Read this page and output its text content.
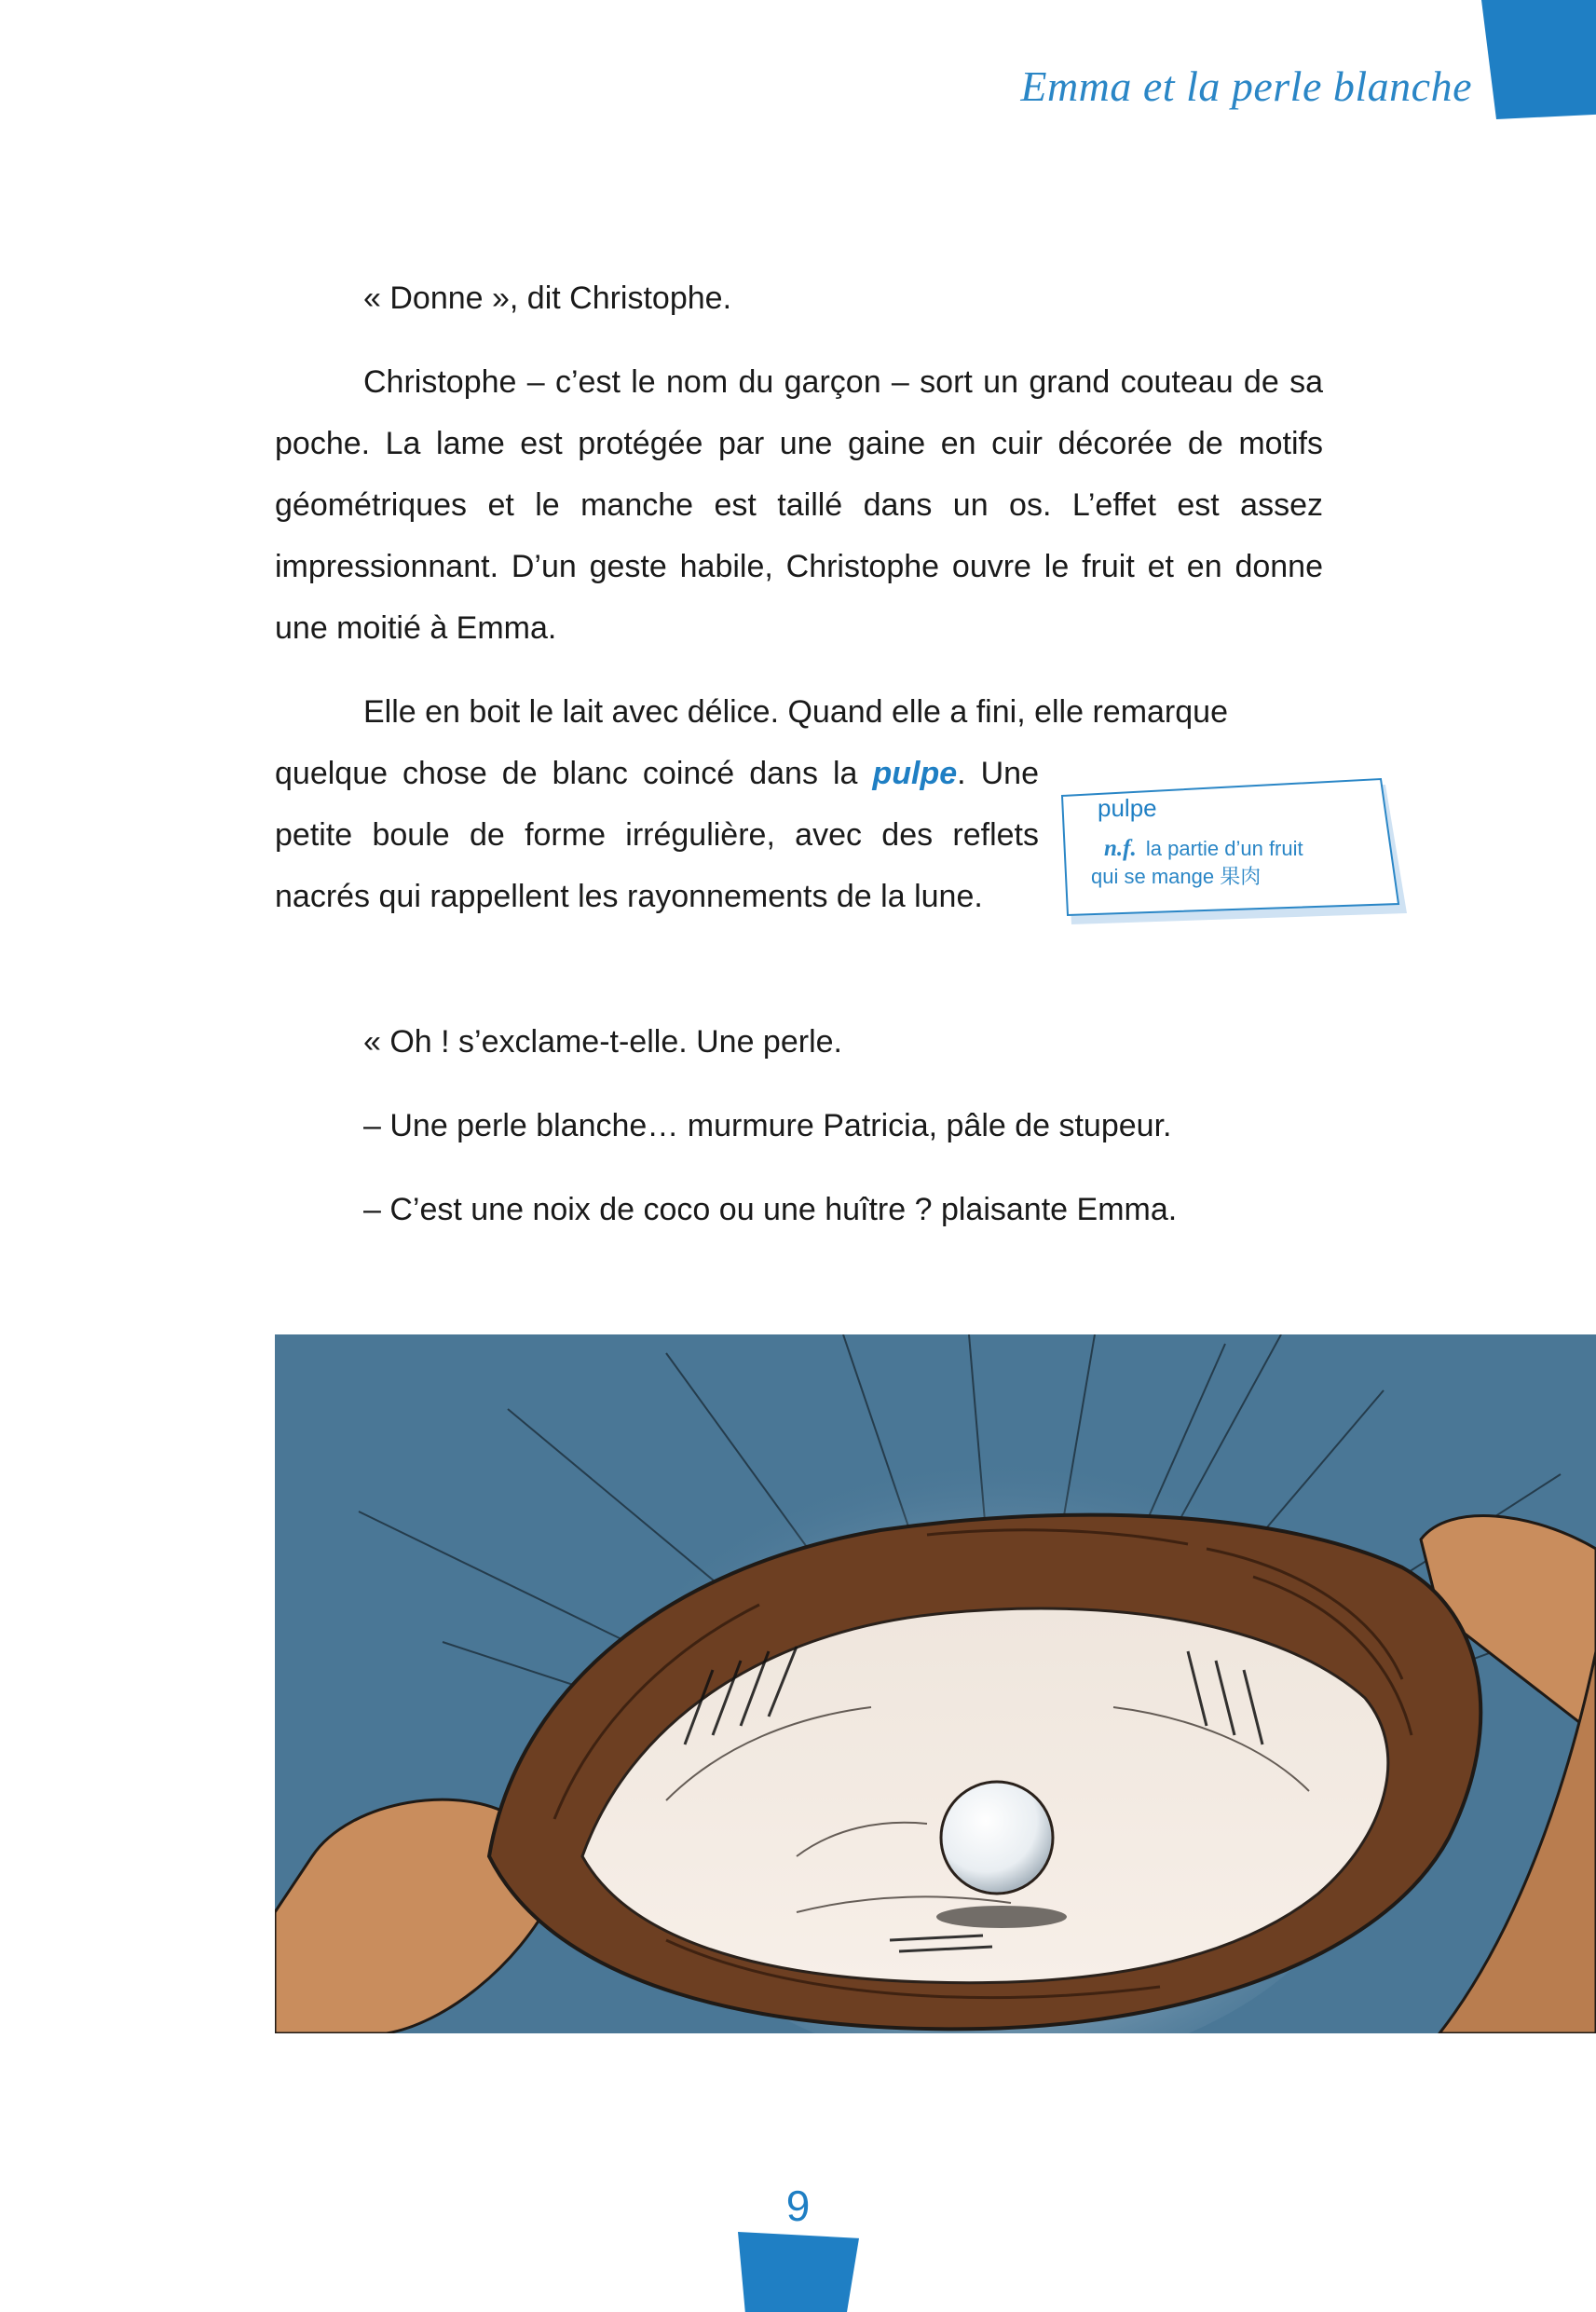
Emma et la perle blanche

« Donne », dit Christophe.

Christophe – c’est le nom du garçon – sort un grand couteau de sa poche. La lame est protégée par une gaine en cuir décorée de motifs géométriques et le manche est taillé dans un os. L’effet est assez impressionnant. D’un geste habile, Christophe ouvre le fruit et en donne une moitié à Emma.

Elle en boit le lait avec délice. Quand elle a fini, elle remarque

quelque chose de blanc coincé dans la pulpe. Une petite boule de forme irrégulière, avec des reflets nacrés qui rappellent les rayonnements de la lune.

« Oh ! s’exclame-t-elle. Une perle.

– Une perle blanche… murmure Patricia, pâle de stupeur.

– C’est une noix de coco ou une huître ? plaisante Emma.

pulpe
n.f. la partie d’un fruit
qui se mange 果肉
9
